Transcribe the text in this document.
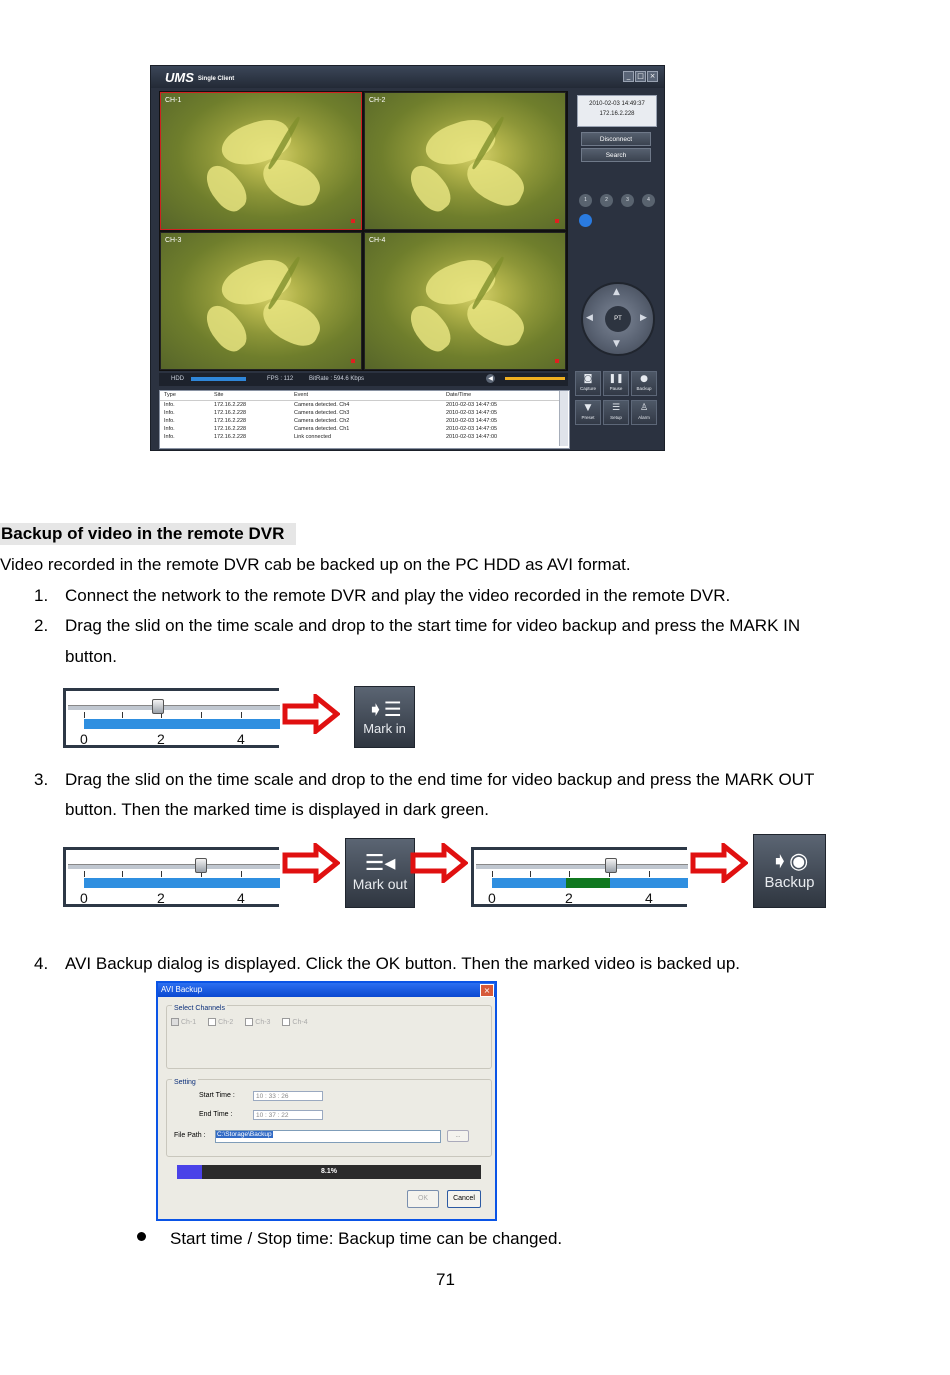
UMS Single Client	_ □ ×
CH-1	CH-2
CH-3	CH-4
HDD	FPS : 112	BitRate : 594.6 Kbps	◀
Type	Site	Event	Date/Time
Info.	172.16.2.228	Camera detected. Ch4	2010-02-03 14:47:05
Info.	172.16.2.228	Camera detected. Ch3	2010-02-03 14:47:05
Info.	172.16.2.228	Camera detected. Ch2	2010-02-03 14:47:05
Info.	172.16.2.228	Camera detected. Ch1	2010-02-03 14:47:05
Info.	172.16.2.228	Link connected	2010-02-03 14:47:00
2010-02-03 14:49:37
172.16.2.228
Disconnect
Search
1	2	3	4
▲
▼
◀	▶
PT
◙
Capture
❚❚
Pause
●
Backup
▼
Preset
☰
Setup
♙
Alarm
Backup of video in the remote DVR
Video recorded in the remote DVR cab be backed up on the PC HDD as AVI format.
1. Connect the network to the remote DVR and play the video recorded in the remote DVR.
2. Drag the slid on the time scale and drop to the start time for video backup and press the MARK IN
button.
0	2	4
➧☰
Mark in
3. Drag the slid on the time scale and drop to the end time for video backup and press the MARK OUT
button. Then the marked time is displayed in dark green.
0	2	4
☰◂
Mark out
0	2	4
➧◉
Backup
4. AVI Backup dialog is displayed. Click the OK button. Then the marked video is backed up.
AVI Backup	×
Select Channels
Ch-1	Ch-2	Ch-3	Ch-4
Setting
Start Time :	10 : 33 : 26
End Time :	10 : 37 : 22
File Path :	C:\Storage\Backup	...
8.1%
OK	Cancel
Start time / Stop time: Backup time can be changed.
71
